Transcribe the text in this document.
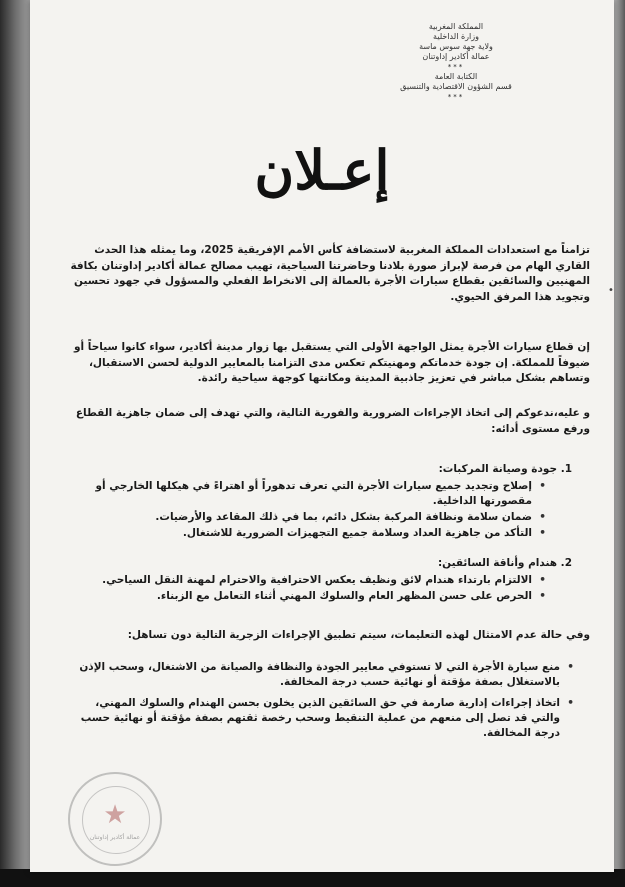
المملكة المغربية
وزارة الداخلية
ولاية جهة سوس ماسة
عمالة أكادير إداوتنان
***
الكتابة العامة
قسم الشؤون الاقتصادية والتنسيق
***
إعـلان

تزامناً مع استعدادات المملكة المغربية لاستضافة كأس الأمم الإفريقية 2025، وما يمثله هذا الحدث القاري الهام من فرصة لإبراز صورة بلادنا وحاضرتنا السياحية، تهيب مصالح عمالة أكادير إداوتنان بكافة المهنيين والسائقين بقطاع سيارات الأجرة بالعمالة إلى الانخراط الفعلي والمسؤول في جهود تحسين وتجويد هذا المرفق الحيوي.

إن قطاع سيارات الأجرة يمثل الواجهة الأولى التي يستقبل بها زوار مدينة أكادير، سواء كانوا سياحاً أو ضيوفاً للمملكة. إن جودة خدماتكم ومهنيتكم تعكس مدى التزامنا بالمعايير الدولية لحسن الاستقبال، وتساهم بشكل مباشر في تعزيز جاذبية المدينة ومكانتها كوجهة سياحية رائدة.

و عليه،ندعوكم إلى اتخاذ الإجراءات الضرورية والفورية التالية، والتي تهدف إلى ضمان جاهزية القطاع ورفع مستوى أدائه:

1. جودة وصيانة المركبات:
• إصلاح وتجديد جميع سيارات الأجرة التي تعرف تدهوراً أو اهتراءً في هيكلها الخارجي أو مقصورتها الداخلية.
• ضمان سلامة ونظافة المركبة بشكل دائم، بما في ذلك المقاعد والأرضيات.
• التأكد من جاهزية العداد وسلامة جميع التجهيزات الضرورية للاشتغال.
2. هندام وأناقة السائقين:
• الالتزام بارتداء هندام لائق ونظيف يعكس الاحترافية والاحترام لمهنة النقل السياحي.
• الحرص على حسن المظهر العام والسلوك المهني أثناء التعامل مع الزبناء.

وفي حالة عدم الامتثال لهذه التعليمات، سيتم تطبيق الإجراءات الزجرية التالية دون تساهل:

• منع سيارة الأجرة التي لا تستوفي معايير الجودة والنظافة والصيانة من الاشتغال، وسحب الإذن بالاستغلال بصفة مؤقتة أو نهائية حسب درجة المخالفة.
• اتخاذ إجراءات إدارية صارمة في حق السائقين الذين يخلون بحسن الهندام والسلوك المهني، والتي قد تصل إلى منعهم من عملية التنقيط وسحب رخصة ثقتهم بصفة مؤقتة أو نهائية حسب درجة المخالفة.
★
عمالة أكادير إداوتنان
•
